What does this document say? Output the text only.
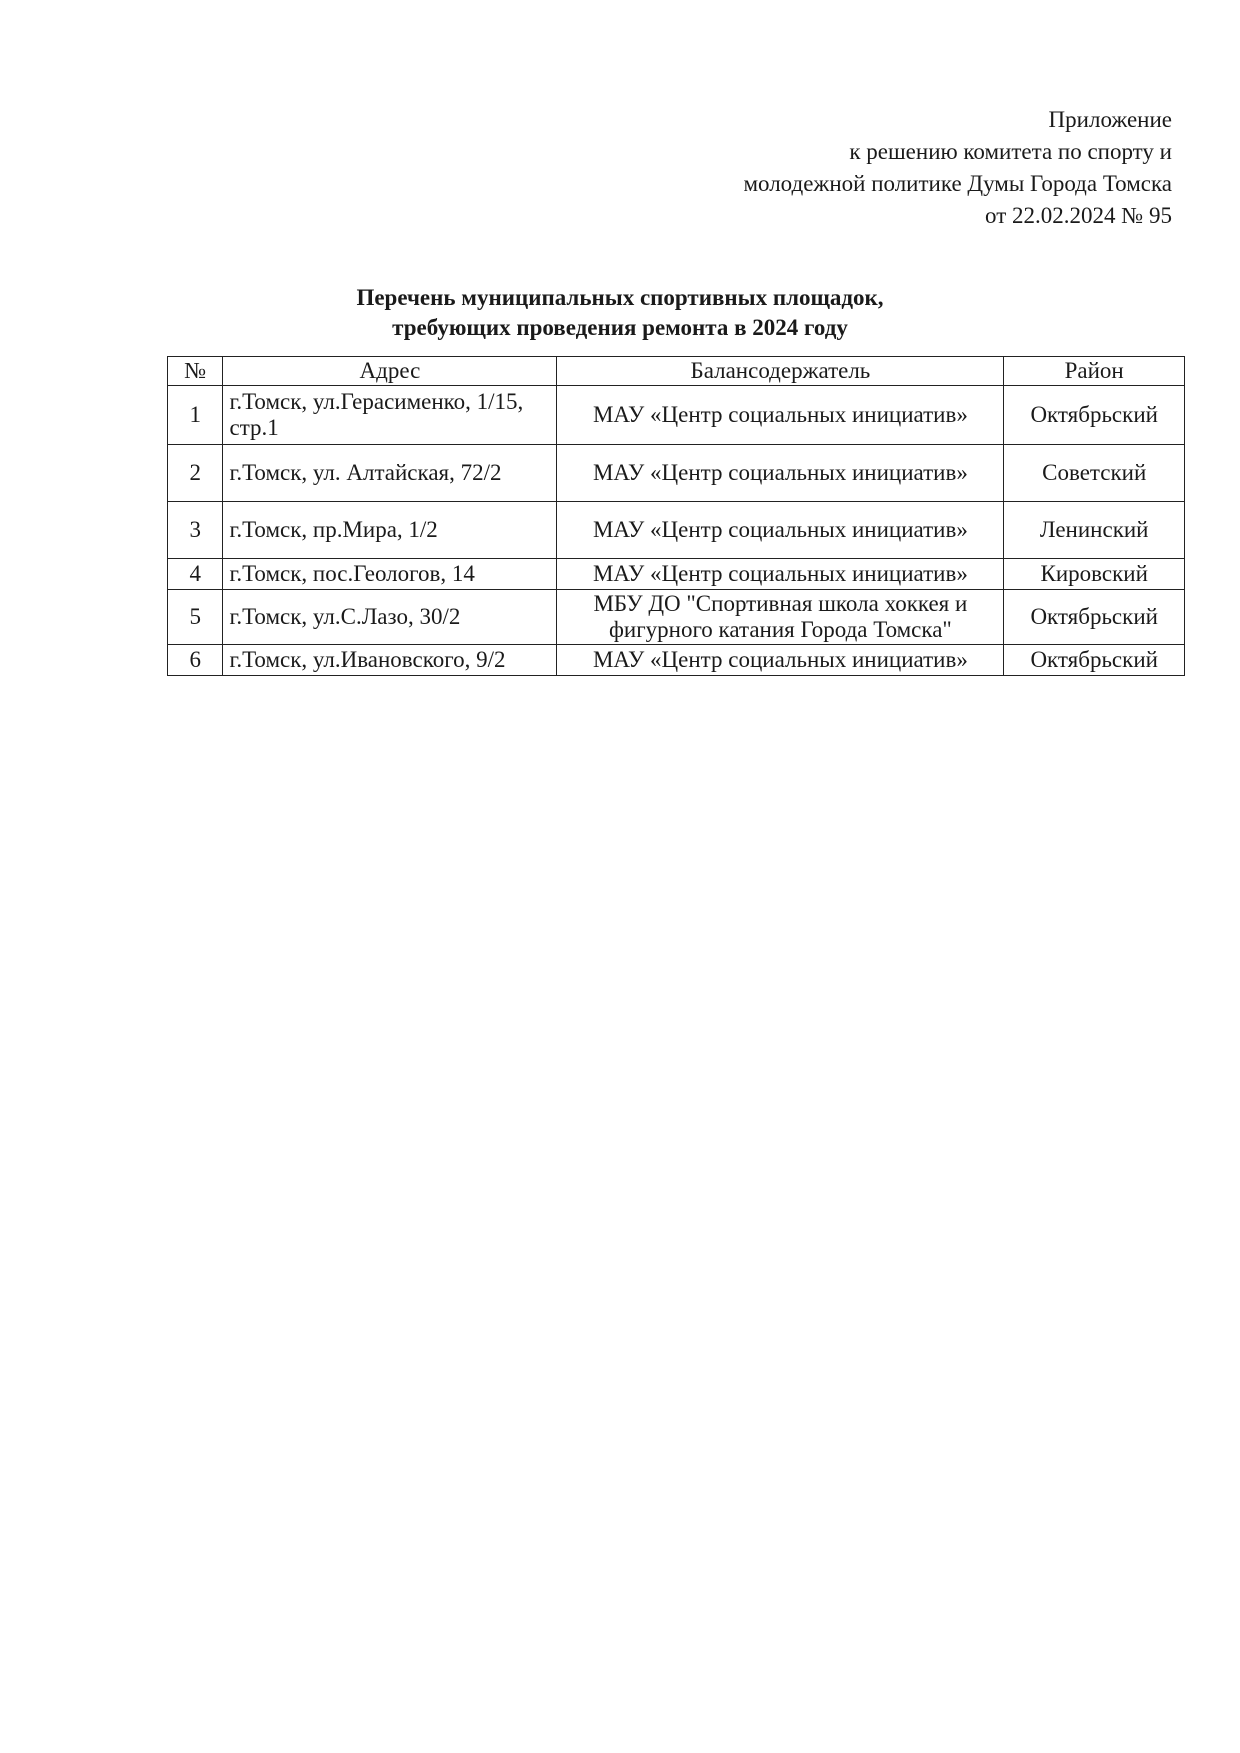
Приложение
к решению комитета по спорту и
молодежной политике Думы Города Томска
от 22.02.2024 № 95
Перечень муниципальных спортивных площадок,
требующих проведения ремонта в 2024 году
№	Адрес	Балансодержатель	Район
1	г.Томск, ул.Герасименко, 1/15, стр.1	МАУ «Центр социальных инициатив»	Октябрьский
2	г.Томск, ул. Алтайская, 72/2	МАУ «Центр социальных инициатив»	Советский
3	г.Томск, пр.Мира, 1/2	МАУ «Центр социальных инициатив»	Ленинский
4	г.Томск, пос.Геологов, 14	МАУ «Центр социальных инициатив»	Кировский
5	г.Томск, ул.С.Лазо, 30/2	МБУ ДО "Спортивная школа хоккея и фигурного катания Города Томска"	Октябрьский
6	г.Томск, ул.Ивановского, 9/2	МАУ «Центр социальных инициатив»	Октябрьский
